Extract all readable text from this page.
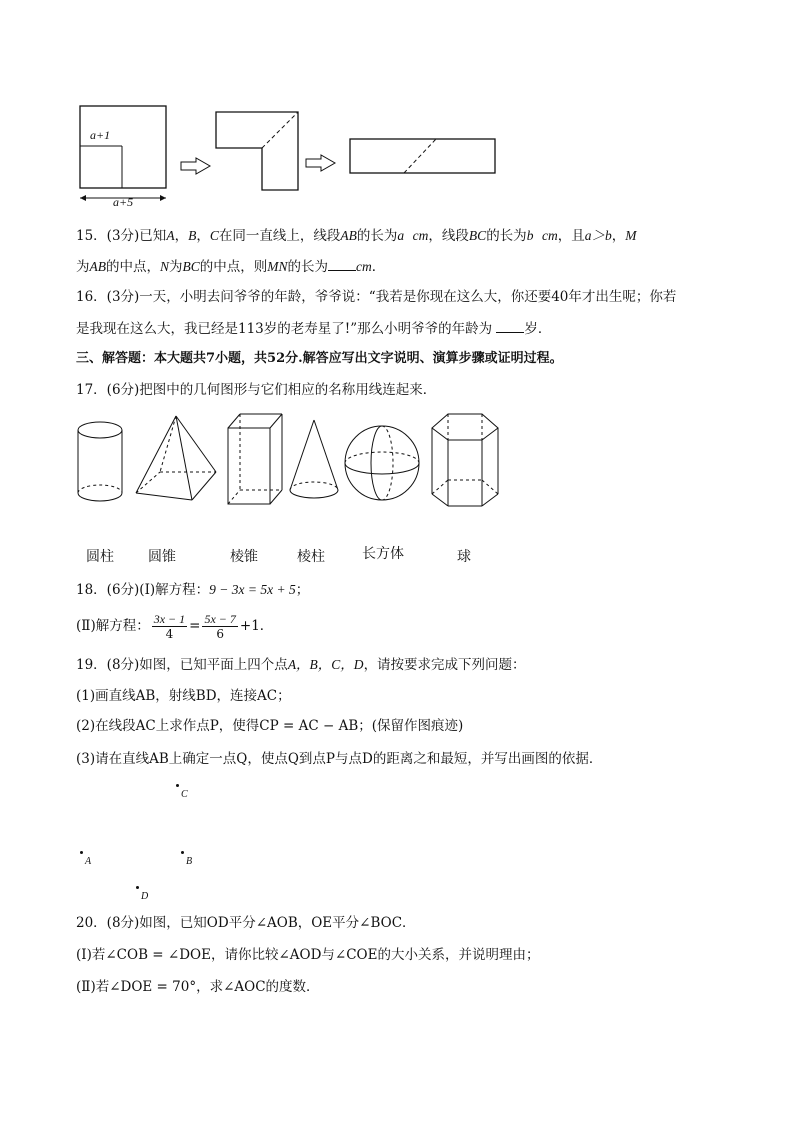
a+1
a+5
15．(3分)已知A，B，C在同一直线上，线段AB的长为a cm，线段BC的长为b cm，且a＞b，M
为AB的中点，N为BC的中点，则MN的长为 cm．
16．(3分)一天，小明去问爷爷的年龄，爷爷说：“我若是你现在这么大，你还要40年才出生呢；你若
是我现在这么大，我已经是113岁的老寿星了!”那么小明爷爷的年龄为 岁．
三、解答题：本大题共7小题，共52分.解答应写出文字说明、演算步骤或证明过程。
17．(6分)把图中的几何图形与它们相应的名称用线连起来．
圆柱 圆锥	棱锥	棱柱	长方体	球
18．(6分)(Ⅰ)解方程：9 − 3x = 5x + 5；
(Ⅱ)解方程： $\frac{3x - 1}{4} = \frac{5x - 7}{6} +1$．
19．(8分)如图，已知平面上四个点A，B，C，D，请按要求完成下列问题：
(1)画直线AB，射线BD，连接AC；
(2)在线段AC上求作点P，使得CP = AC − AB；(保留作图痕迹)
(3)请在直线AB上确定一点Q，使点Q到点P与点D的距离之和最短，并写出画图的依据．
C
A	B
D
20．(8分)如图，已知OD平分∠AOB，OE平分∠BOC．
(Ⅰ)若∠COB = ∠DOE，请你比较∠AOD与∠COE的大小关系，并说明理由；
(Ⅱ)若∠DOE = 70°，求∠AOC的度数．
